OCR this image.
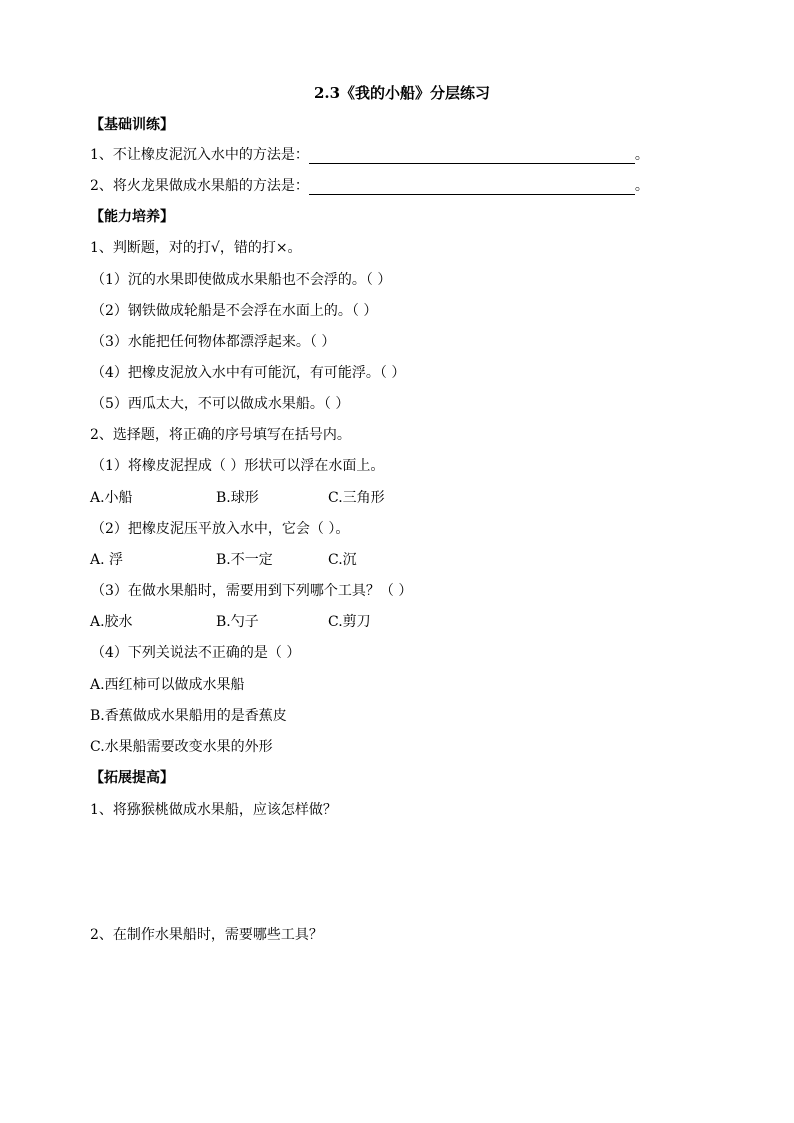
2.3《我的小船》分层练习
【基础训练】
1、不让橡皮泥沉入水中的方法是：	。
2、将火龙果做成水果船的方法是：	。
【能力培养】
1、判断题，对的打√，错的打×。
（1）沉的水果即使做成水果船也不会浮的。（ ）
（2）钢铁做成轮船是不会浮在水面上的。（ ）
（3）水能把任何物体都漂浮起来。（ ）
（4）把橡皮泥放入水中有可能沉，有可能浮。（ ）
（5）西瓜太大，不可以做成水果船。（ ）
2、选择题，将正确的序号填写在括号内。
（1）将橡皮泥捏成（ ）形状可以浮在水面上。
A.小船	B.球形	C.三角形
（2）把橡皮泥压平放入水中，它会（ ）。
A. 浮	B.不一定	C.沉
（3）在做水果船时，需要用到下列哪个工具？（ ）
A.胶水	B.勺子	C.剪刀
（4）下列关说法不正确的是（ ）
A.西红柿可以做成水果船
B.香蕉做成水果船用的是香蕉皮
C.水果船需要改变水果的外形
【拓展提高】
1、将猕猴桃做成水果船，应该怎样做？
2、在制作水果船时，需要哪些工具？
